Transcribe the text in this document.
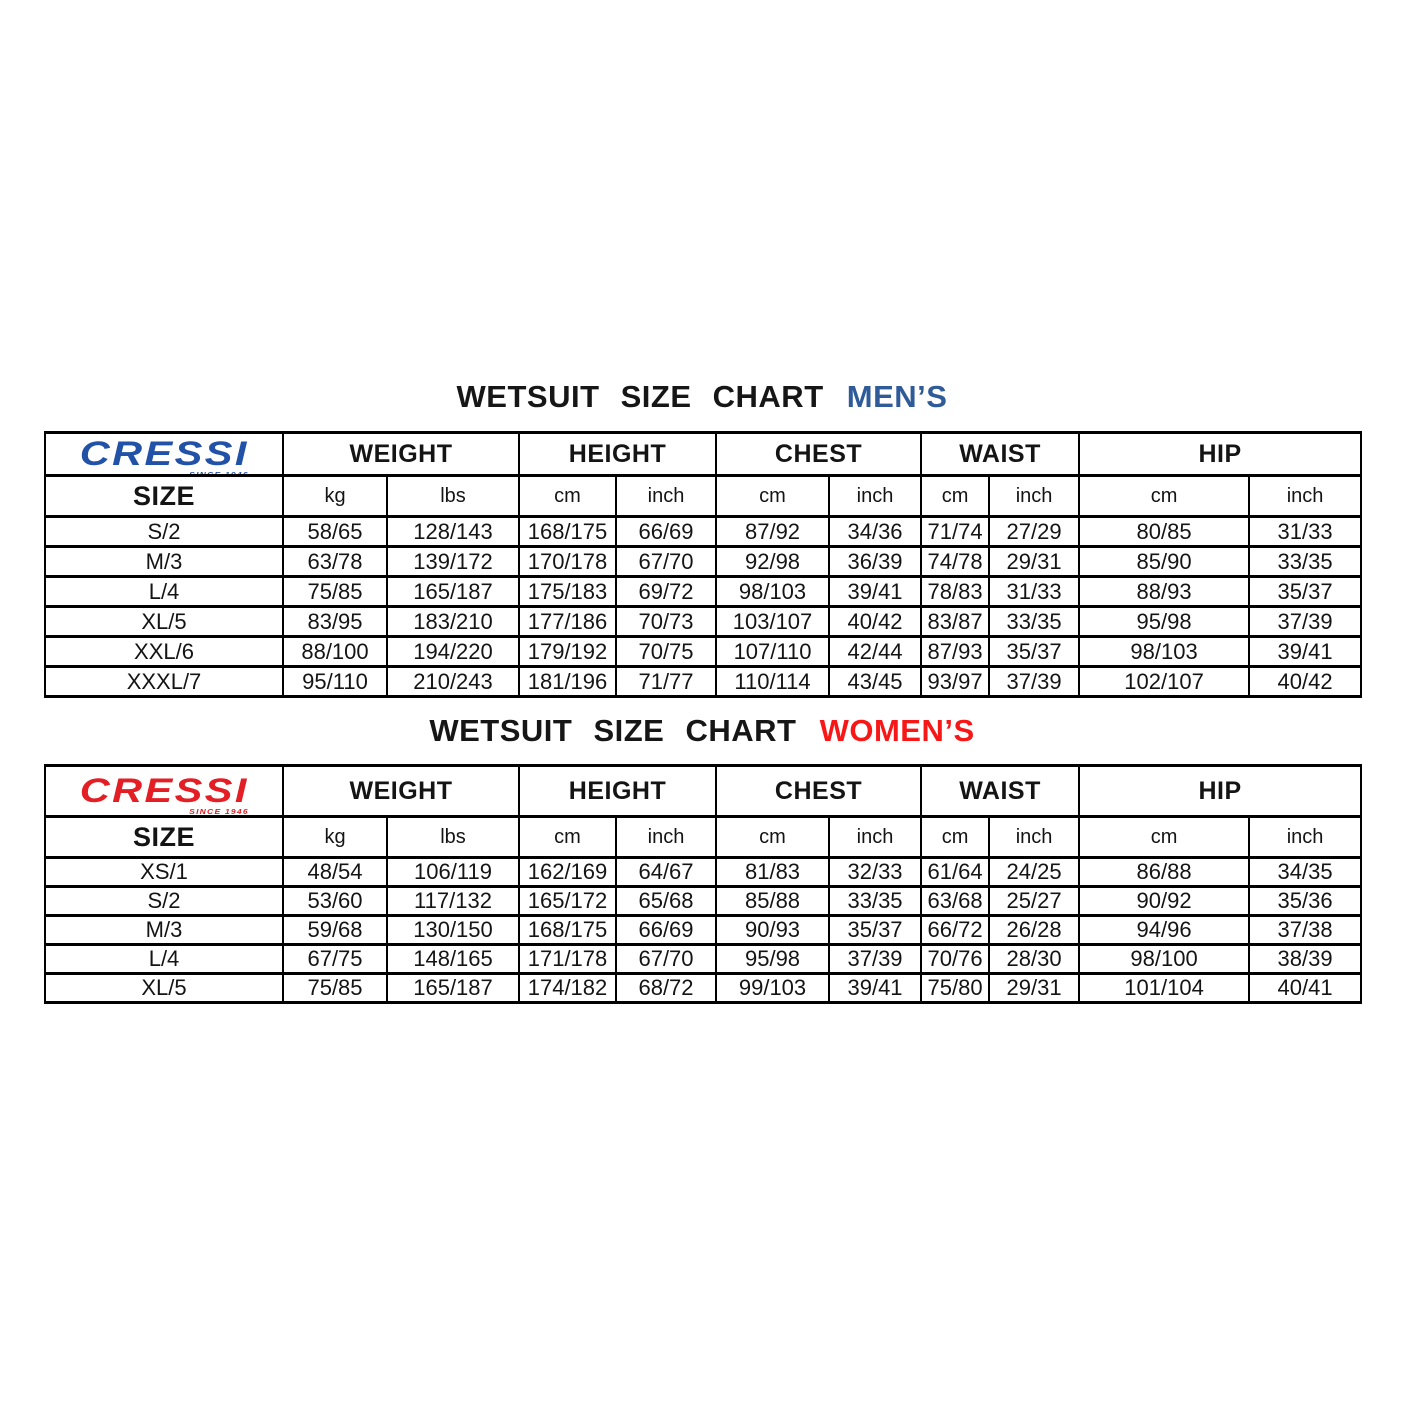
WETSUIT SIZE CHART MEN’S
CRESSI
SINCE 1946	WEIGHT		HEIGHT		CHEST		WAIST		HIP	
SIZE	kg	lbs	cm	inch	cm	inch	cm	inch	cm	inch
S/2	58/65	128/143	168/175	66/69	87/92	34/36	71/74	27/29	80/85	31/33
M/3	63/78	139/172	170/178	67/70	92/98	36/39	74/78	29/31	85/90	33/35
L/4	75/85	165/187	175/183	69/72	98/103	39/41	78/83	31/33	88/93	35/37
XL/5	83/95	183/210	177/186	70/73	103/107	40/42	83/87	33/35	95/98	37/39
XXL/6	88/100	194/220	179/192	70/75	107/110	42/44	87/93	35/37	98/103	39/41
XXXL/7	95/110	210/243	181/196	71/77	110/114	43/45	93/97	37/39	102/107	40/42
WETSUIT SIZE CHART WOMEN’S
CRESSI
SINCE 1946	WEIGHT		HEIGHT		CHEST		WAIST		HIP	
SIZE	kg	lbs	cm	inch	cm	inch	cm	inch	cm	inch
XS/1	48/54	106/119	162/169	64/67	81/83	32/33	61/64	24/25	86/88	34/35
S/2	53/60	117/132	165/172	65/68	85/88	33/35	63/68	25/27	90/92	35/36
M/3	59/68	130/150	168/175	66/69	90/93	35/37	66/72	26/28	94/96	37/38
L/4	67/75	148/165	171/178	67/70	95/98	37/39	70/76	28/30	98/100	38/39
XL/5	75/85	165/187	174/182	68/72	99/103	39/41	75/80	29/31	101/104	40/41
